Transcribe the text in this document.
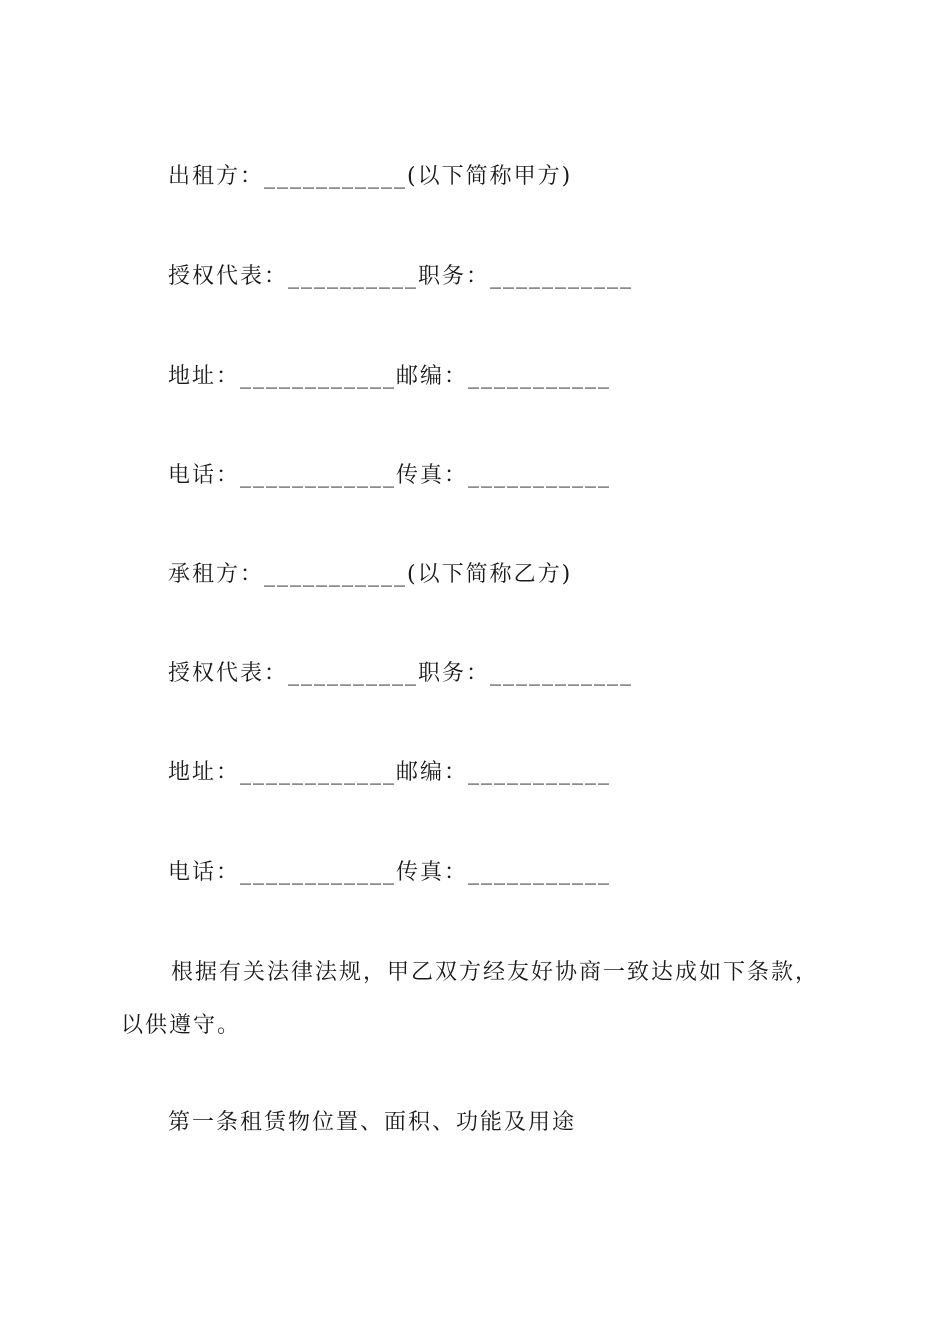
出租方：___________(以下简称甲方)

授权代表：__________职务：___________

地址：____________邮编：___________

电话：____________传真：___________

承租方：___________(以下简称乙方)

授权代表：__________职务：___________

地址：____________邮编：___________

电话：____________传真：___________

根据有关法律法规，甲乙双方经友好协商一致达成如下条款，以供遵守。

第一条租赁物位置、面积、功能及用途
